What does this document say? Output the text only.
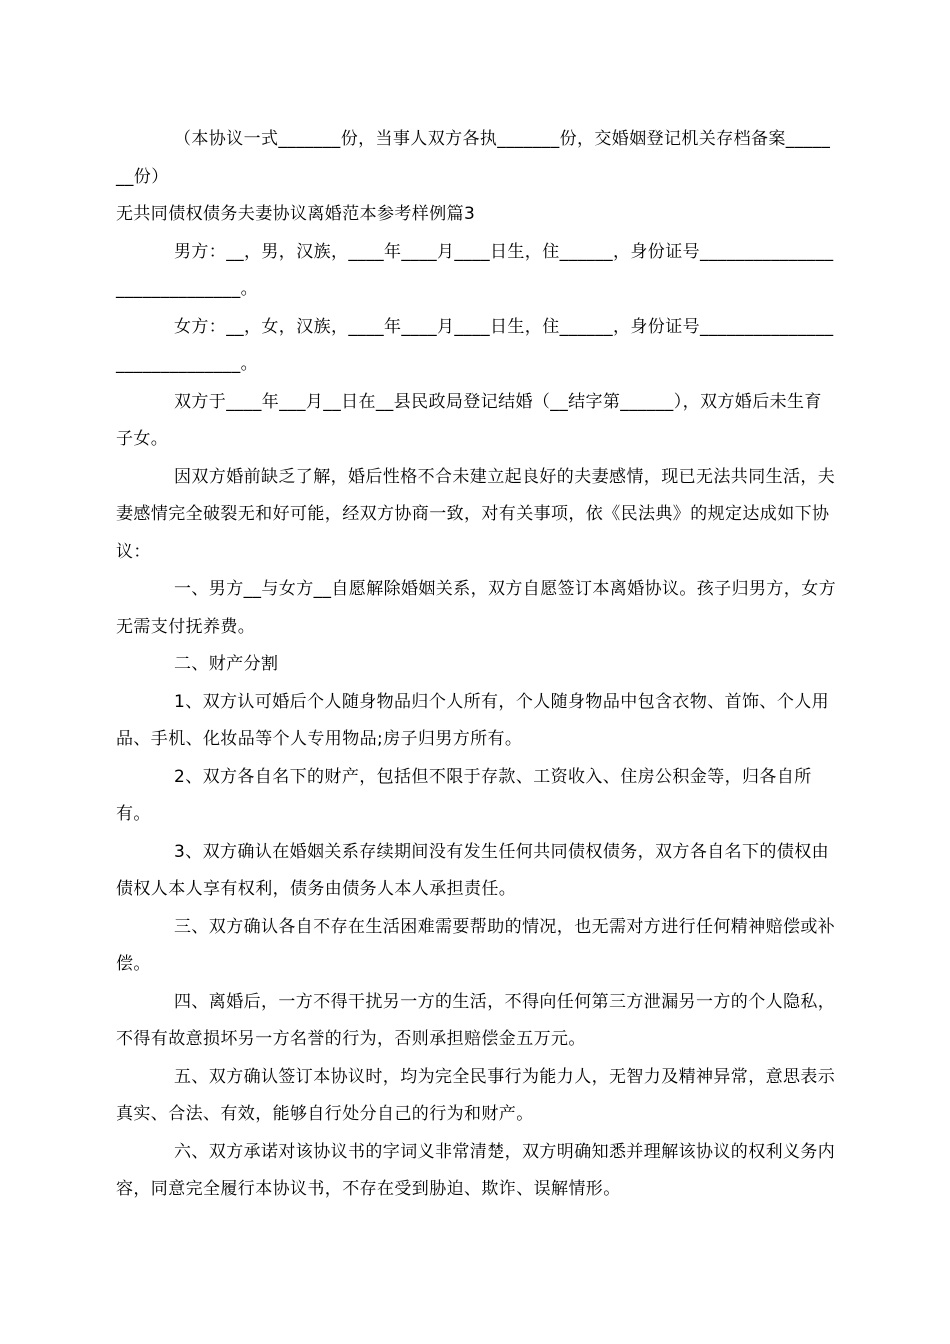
（本协议一式_______份，当事人双方各执_______份，交婚姻登记机关存档备案_______份）

无共同债权债务夫妻协议离婚范本参考样例篇3

男方：__，男，汉族，____年____月____日生，住______，身份证号_____________________________。

女方：__，女，汉族，____年____月____日生，住______，身份证号_____________________________。

双方于____年___月__日在__县民政局登记结婚（__结字第______），双方婚后未生育子女。

因双方婚前缺乏了解，婚后性格不合未建立起良好的夫妻感情，现已无法共同生活，夫妻感情完全破裂无和好可能，经双方协商一致，对有关事项，依《民法典》的规定达成如下协议：

一、男方__与女方__自愿解除婚姻关系，双方自愿签订本离婚协议。孩子归男方，女方无需支付抚养费。

二、财产分割

1、双方认可婚后个人随身物品归个人所有，个人随身物品中包含衣物、首饰、个人用品、手机、化妆品等个人专用物品;房子归男方所有。

2、双方各自名下的财产，包括但不限于存款、工资收入、住房公积金等，归各自所有。

3、双方确认在婚姻关系存续期间没有发生任何共同债权债务，双方各自名下的债权由债权人本人享有权利，债务由债务人本人承担责任。

三、双方确认各自不存在生活困难需要帮助的情况，也无需对方进行任何精神赔偿或补偿。

四、离婚后，一方不得干扰另一方的生活，不得向任何第三方泄漏另一方的个人隐私，不得有故意损坏另一方名誉的行为，否则承担赔偿金五万元。

五、双方确认签订本协议时，均为完全民事行为能力人，无智力及精神异常，意思表示真实、合法、有效，能够自行处分自己的行为和财产。

六、双方承诺对该协议书的字词义非常清楚，双方明确知悉并理解该协议的权利义务内容，同意完全履行本协议书，不存在受到胁迫、欺诈、误解情形。
